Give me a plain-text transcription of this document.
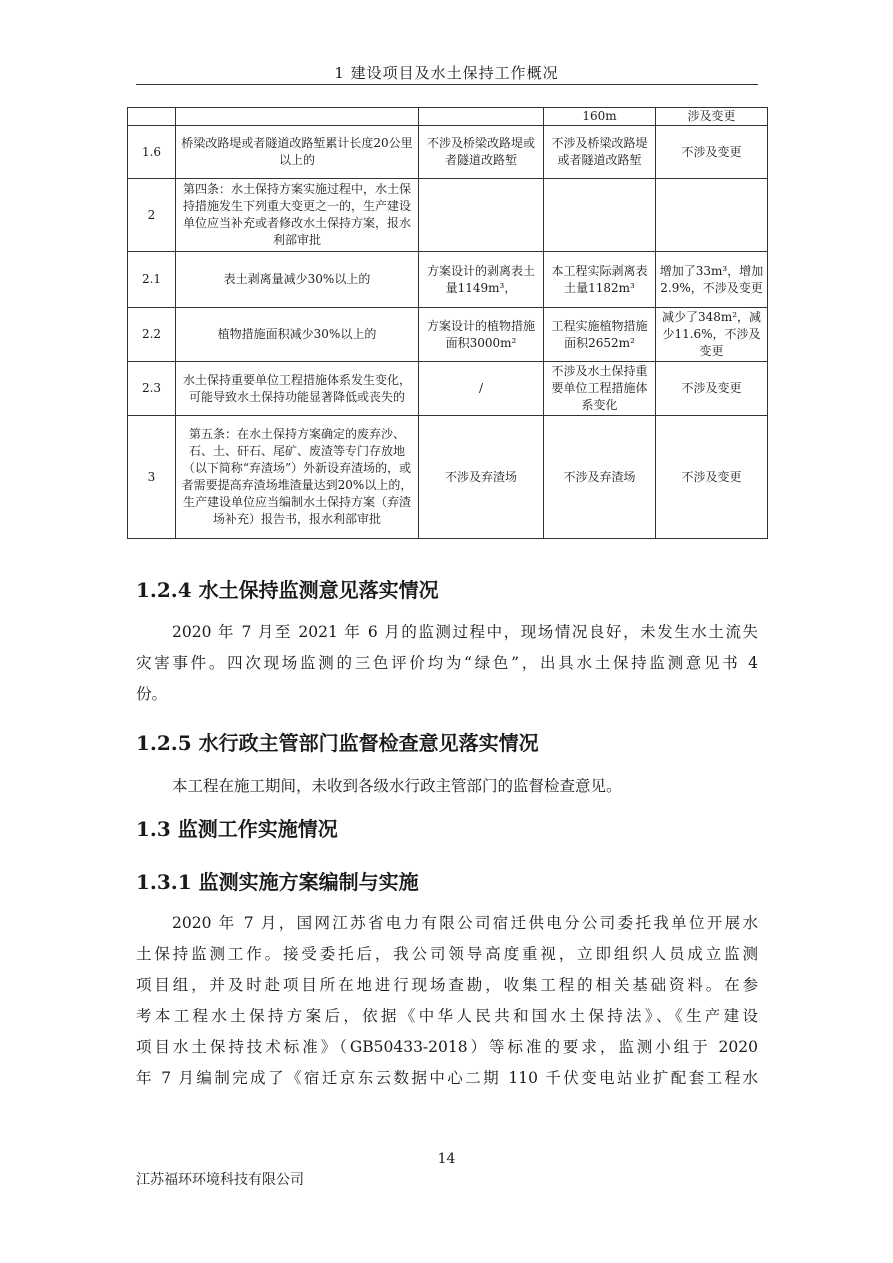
1 建设项目及水土保持工作概况
			160m	涉及变更
1.6	桥梁改路堤或者隧道改路堑累计长度20公里以上的	不涉及桥梁改路堤或者隧道改路堑	不涉及桥梁改路堤或者隧道改路堑	不涉及变更
2	第四条：水土保持方案实施过程中，水土保持措施发生下列重大变更之一的，生产建设单位应当补充或者修改水土保持方案，报水利部审批			
2.1	表土剥离量减少30%以上的	方案设计的剥离表土量1149m³，	本工程实际剥离表土量1182m³	增加了33m³，增加2.9%，不涉及变更
2.2	植物措施面积减少30%以上的	方案设计的植物措施面积3000m²	工程实施植物措施面积2652m²	减少了348m²，减少11.6%，不涉及变更
2.3	水土保持重要单位工程措施体系发生变化，可能导致水土保持功能显著降低或丧失的	/	不涉及水土保持重要单位工程措施体系变化	不涉及变更
3	第五条：在水土保持方案确定的废弃沙、石、土、矸石、尾矿、废渣等专门存放地（以下简称“弃渣场”）外新设弃渣场的，或者需要提高弃渣场堆渣量达到20%以上的，生产建设单位应当编制水土保持方案（弃渣场补充）报告书，报水利部审批	不涉及弃渣场	不涉及弃渣场	不涉及变更
1.2.4 水土保持监测意见落实情况
2020 年 7 月至 2021 年 6 月的监测过程中，现场情况良好，未发生水土流失
灾害事件。四次现场监测的三色评价均为“绿色”，出具水土保持监测意见书 4
份。
1.2.5 水行政主管部门监督检查意见落实情况
本工程在施工期间，未收到各级水行政主管部门的监督检查意见。
1.3 监测工作实施情况
1.3.1 监测实施方案编制与实施
2020 年 7 月，国网江苏省电力有限公司宿迁供电分公司委托我单位开展水
土保持监测工作。接受委托后，我公司领导高度重视，立即组织人员成立监测
项目组，并及时赴项目所在地进行现场查勘，收集工程的相关基础资料。在参
考本工程水土保持方案后，依据《中华人民共和国水土保持法》、《生产建设
项目水土保持技术标准》（GB50433-2018）等标准的要求，监测小组于 2020
年 7 月编制完成了《宿迁京东云数据中心二期 110 千伏变电站业扩配套工程水
14
江苏福环环境科技有限公司
